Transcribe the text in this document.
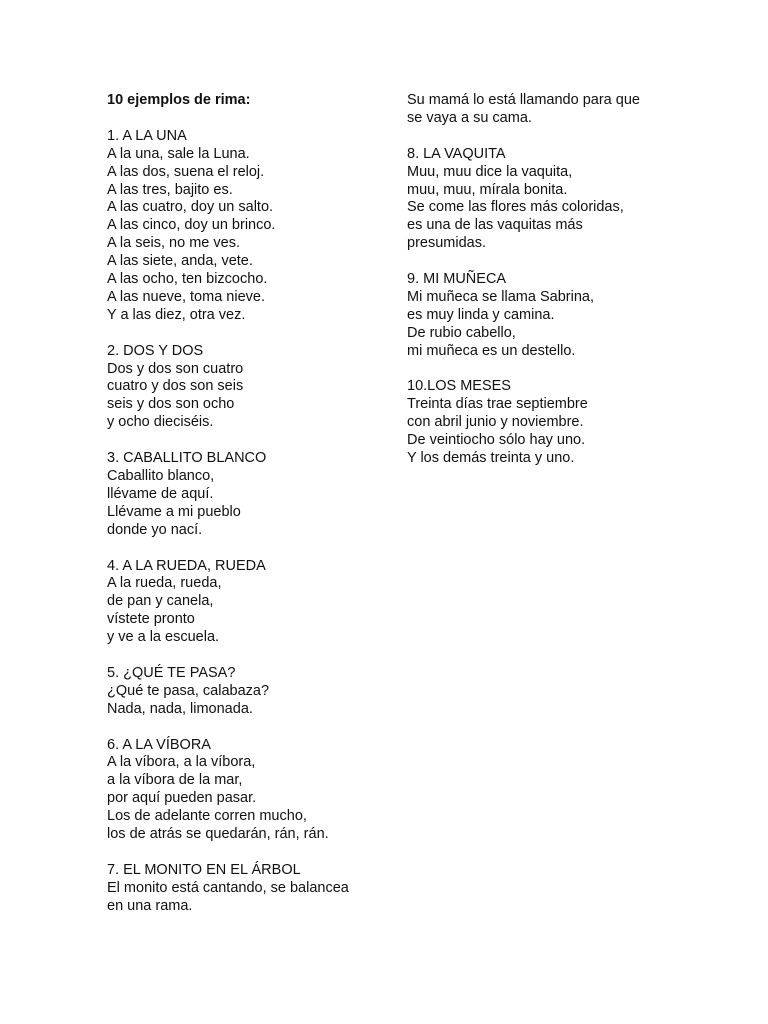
10 ejemplos de rima:
1. A LA UNA
A la una, sale la Luna.
A las dos, suena el reloj.
A las tres, bajito es.
A las cuatro, doy un salto.
A las cinco, doy un brinco.
A la seis, no me ves.
A las siete, anda, vete.
A las ocho, ten bizcocho.
A las nueve, toma nieve.
Y a las diez, otra vez.
2. DOS Y DOS
Dos y dos son cuatro
cuatro y dos son seis
seis y dos son ocho
y ocho dieciséis.
3. CABALLITO BLANCO
Caballito blanco,
llévame de aquí.
Llévame a mi pueblo
donde yo nací.
4. A LA RUEDA, RUEDA
A la rueda, rueda,
de pan y canela,
vístete pronto
y ve a la escuela.
5. ¿QUÉ TE PASA?
¿Qué te pasa, calabaza?
Nada, nada, limonada.
6. A LA VÍBORA
A la víbora, a la víbora,
a la víbora de la mar,
por aquí pueden pasar.
Los de adelante corren mucho,
los de atrás se quedarán, rán, rán.
7. EL MONITO EN EL ÁRBOL
El monito está cantando, se balancea
en una rama.
Su mamá lo está llamando para que
se vaya a su cama.
8. LA VAQUITA
Muu, muu dice la vaquita,
muu, muu, mírala bonita.
Se come las flores más coloridas,
es una de las vaquitas más
presumidas.
9. MI MUÑECA
Mi muñeca se llama Sabrina,
es muy linda y camina.
De rubio cabello,
mi muñeca es un destello.
10.LOS MESES
Treinta días trae septiembre
con abril junio y noviembre.
De veintiocho sólo hay uno.
Y los demás treinta y uno.
